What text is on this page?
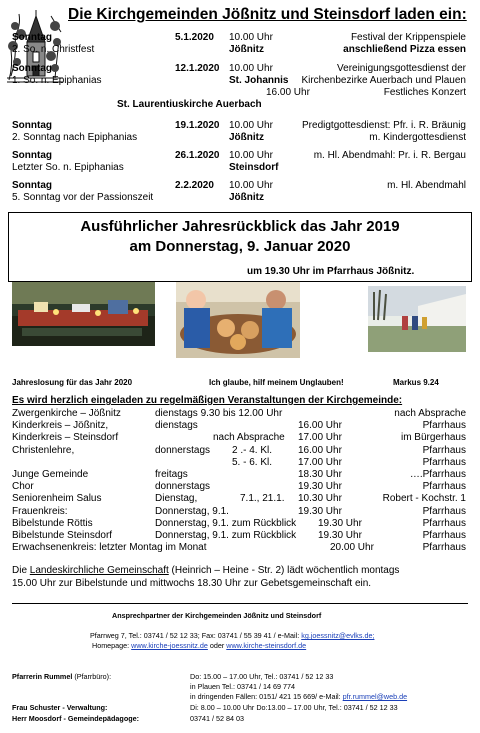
Die Kirchgemeinden Jößnitz und Steinsdorf laden ein:
Sonntag	5.1.2020 10.00 Uhr	Festival der Krippenspiele
2. So. n. Christfest	Jößnitz	anschließend Pizza essen
Sonntag	12.1.2020 10.00 Uhr	Vereinigungsgottesdienst der
1. So. n. Epiphanias	St. Johannis Kirchenbezirke Auerbach und Plauen
16.00 Uhr	Festliches Konzert
St. Laurentiuskirche Auerbach
Sonntag	19.1.2020 10.00 Uhr	Predigtgottesdienst: Pfr. i. R. Bräunig
2. Sonntag nach Epiphanias	Jößnitz	m. Kindergottesdienst
Sonntag	26.1.2020 10.00 Uhr	m. Hl. Abendmahl: Pr. i. R. Bergau
Letzter So. n. Epiphanias	Steinsdorf
Sonntag	2.2.2020 10.00 Uhr	m. Hl. Abendmahl
5. Sonntag vor der Passionszeit	Jößnitz
Ausführlicher Jahresrückblick das Jahr 2019
am Donnerstag, 9. Januar 2020
um 19.30 Uhr im Pfarrhaus Jößnitz.
Jahreslosung für das Jahr 2020	Ich glaube, hilf meinem Unglauben!	Markus 9.24
Es wird herzlich eingeladen zu regelmäßigen Veranstaltungen der Kirchgemeinde:
Zwergenkirche – Jößnitz	dienstags 9.30 bis 12.00 Uhr	nach Absprache
Kinderkreis – Jößnitz,	dienstags	16.00 Uhr	Pfarrhaus
Kinderkreis – Steinsdorf	nach Absprache 17.00 Uhr	im Bürgerhaus
Christenlehre,	donnerstags 2 .- 4. Kl.	16.00 Uhr	Pfarrhaus
5. - 6. Kl.	17.00 Uhr	Pfarrhaus
Junge Gemeinde	freitags	18.30 Uhr	….Pfarrhaus
Chor	donnerstags	19.30 Uhr	Pfarrhaus
Seniorenheim Salus	Dienstag,	7.1., 21.1. 10.30 Uhr	Robert - Kochstr. 1
Frauenkreis:	Donnerstag, 9.1.	19.30 Uhr	Pfarrhaus
Bibelstunde Röttis	Donnerstag, 9.1. zum Rückblick 19.30 Uhr	Pfarrhaus
Bibelstunde Steinsdorf	Donnerstag, 9.1. zum Rückblick 19.30 Uhr	Pfarrhaus
Erwachsenenkreis: letzter Montag im Monat	20.00 Uhr	Pfarrhaus
Die Landeskirchliche Gemeinschaft (Heinrich – Heine - Str. 2) lädt wöchentlich montags
15.00 Uhr zur Bibelstunde und mittwochs 18.30 Uhr zur Gebetsgemeinschaft ein.
Ansprechpartner der Kirchgemeinden Jößnitz und Steinsdorf
Pfarrweg 7, Tel.: 03741 / 52 12 33; Fax: 03741 / 55 39 41 / e-Mail: kg.joessnitz@evlks.de;
Homepage: www.kirche-joessnitz.de oder www.kirche-steinsdorf.de
Pfarrerin Rummel (Pfarrbüro):	Do: 15.00 – 17.00 Uhr, Tel.: 03741 / 52 12 33
in Plauen Tel.: 03741 / 14 69 774
in dringenden Fällen: 0151/ 421 15 669/ e-Mail: pfr.rummel@web.de
Frau Schuster - Verwaltung:	Di: 8.00 – 10.00 Uhr Do:13.00 – 17.00 Uhr, Tel.: 03741 / 52 12 33
Herr Moosdorf - Gemeindepädagoge:	03741 / 52 84 03
